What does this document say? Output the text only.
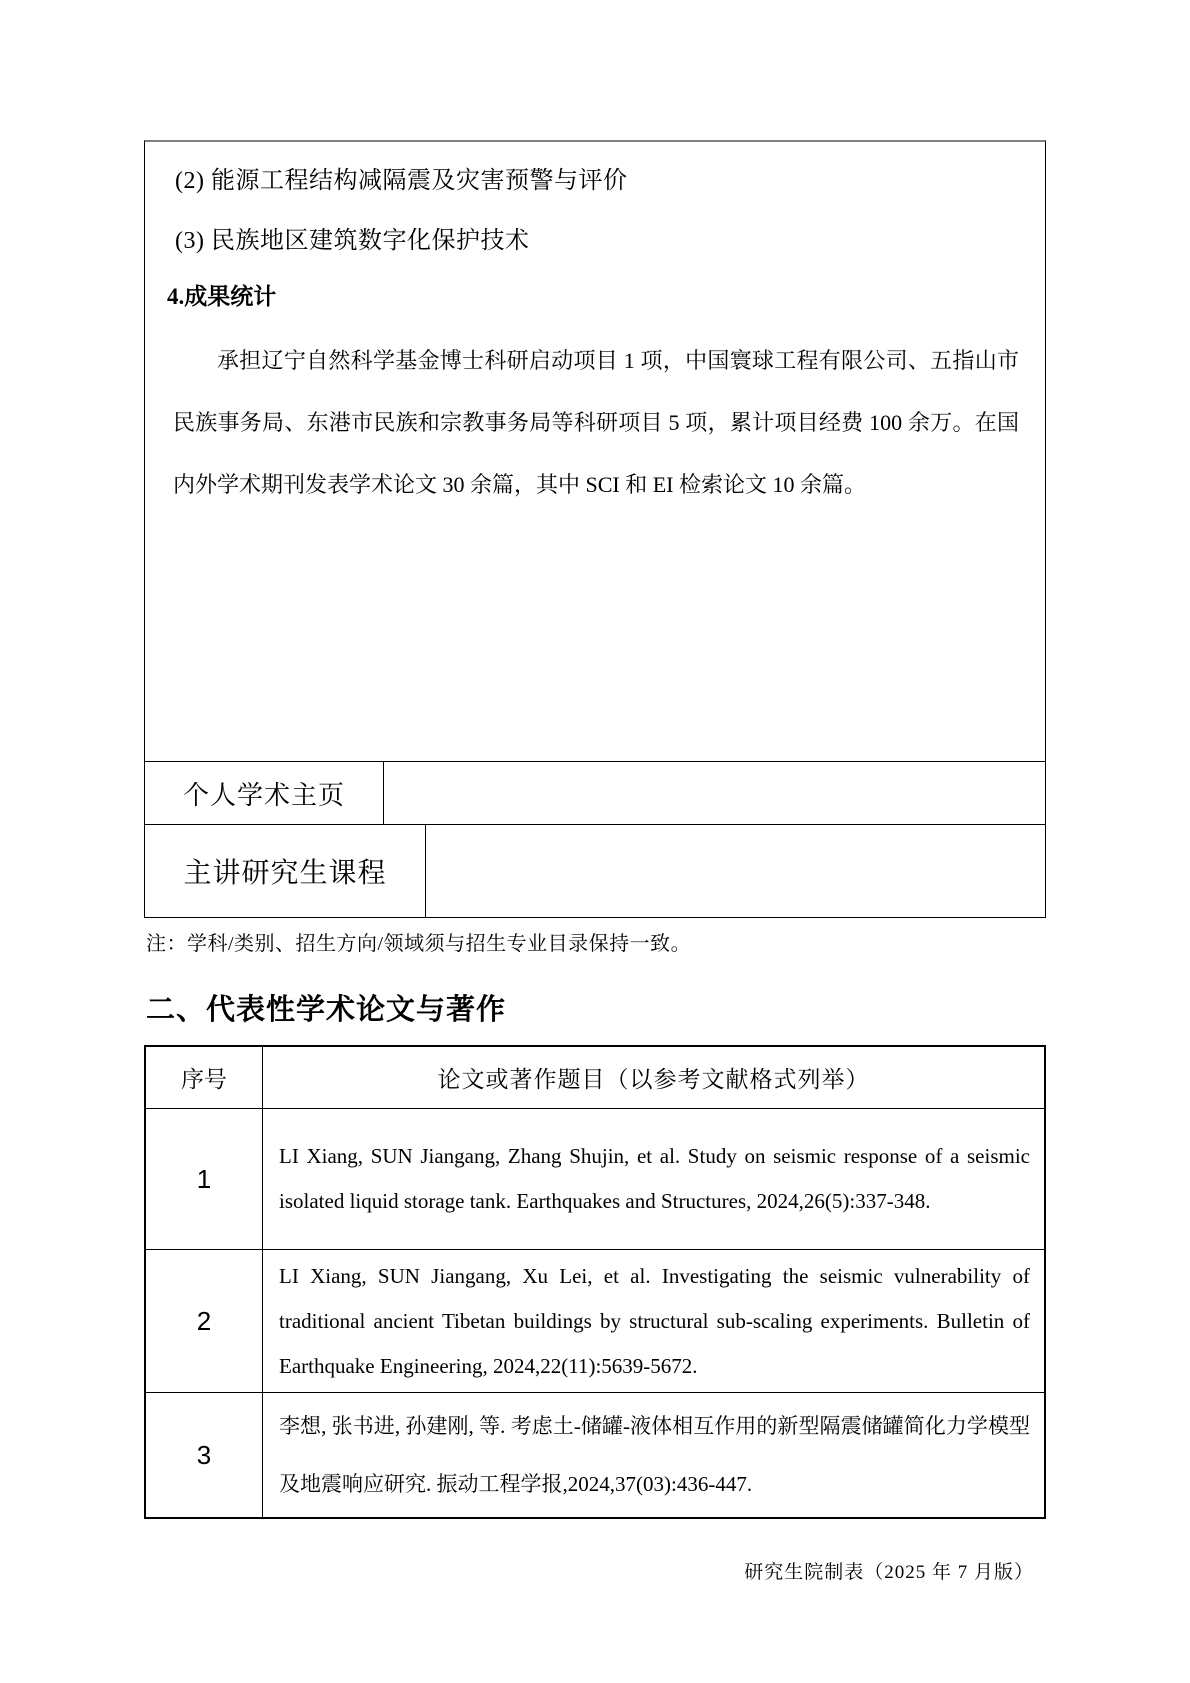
(2) 能源工程结构减隔震及灾害预警与评价
(3) 民族地区建筑数字化保护技术
4.成果统计
承担辽宁自然科学基金博士科研启动项目 1 项，中国寰球工程有限公司、五指山市民族事务局、东港市民族和宗教事务局等科研项目 5 项，累计项目经费 100 余万。在国内外学术期刊发表学术论文 30 余篇，其中 SCI 和 EI 检索论文 10 余篇。
个人学术主页
主讲研究生课程
注：学科/类别、招生方向/领域须与招生专业目录保持一致。
二、代表性学术论文与著作
序号	论文或著作题目（以参考文献格式列举）
1

LI Xiang, SUN Jiangang, Zhang Shujin, et al. Study on seismic response of a seismic isolated liquid storage tank. Earthquakes and Structures, 2024,26(5):337-348.

2

LI Xiang, SUN Jiangang, Xu Lei, et al. Investigating the seismic vulnerability of traditional ancient Tibetan buildings by structural sub-scaling experiments. Bulletin of Earthquake Engineering, 2024,22(11):5639-5672.

3

李想, 张书进, 孙建刚, 等. 考虑土-储罐-液体相互作用的新型隔震储罐简化力学模型及地震响应研究. 振动工程学报,2024,37(03):436-447.

研究生院制表（2025 年 7 月版）
